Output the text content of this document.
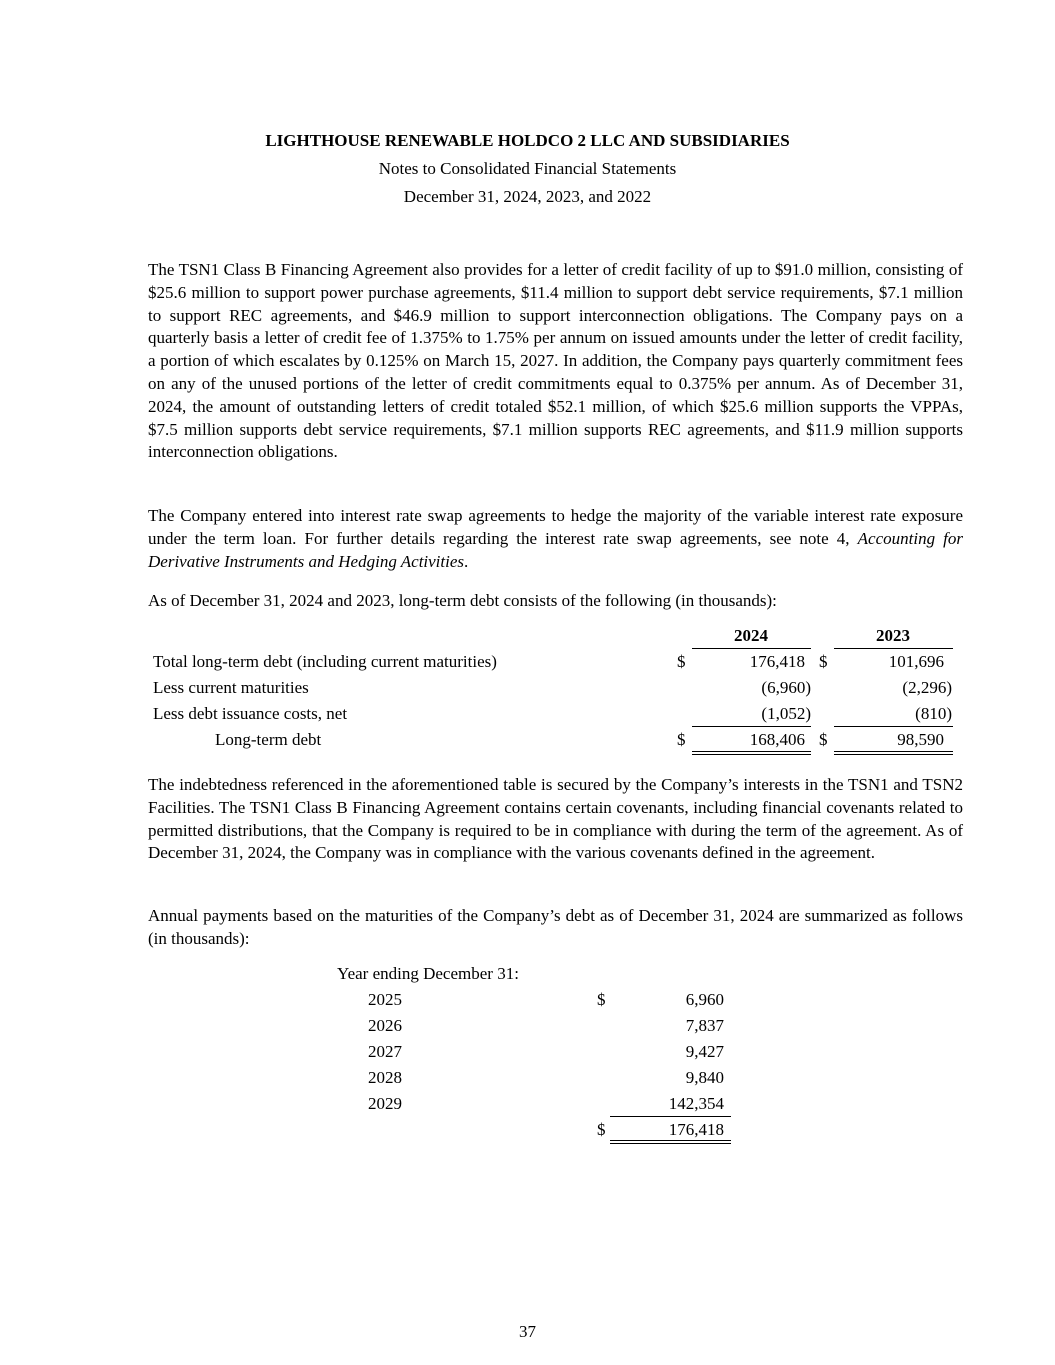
LIGHTHOUSE RENEWABLE HOLDCO 2 LLC AND SUBSIDIARIES

Notes to Consolidated Financial Statements

December 31, 2024, 2023, and 2022

The TSN1 Class B Financing Agreement also provides for a letter of credit facility of up to $91.0 million, consisting of $25.6 million to support power purchase agreements, $11.4 million to support debt service requirements, $7.1 million to support REC agreements, and $46.9 million to support interconnection obligations. The Company pays on a quarterly basis a letter of credit fee of 1.375% to 1.75% per annum on issued amounts under the letter of credit facility, a portion of which escalates by 0.125% on March 15, 2027. In addition, the Company pays quarterly commitment fees on any of the unused portions of the letter of credit commitments equal to 0.375% per annum. As of December 31, 2024, the amount of outstanding letters of credit totaled $52.1 million, of which $25.6 million supports the VPPAs, $7.5 million supports debt service requirements, $7.1 million supports REC agreements, and $11.9 million supports interconnection obligations.

The Company entered into interest rate swap agreements to hedge the majority of the variable interest rate exposure under the term loan. For further details regarding the interest rate swap agreements, see note 4, Accounting for Derivative Instruments and Hedging Activities.

As of December 31, 2024 and 2023, long-term debt consists of the following (in thousands):

2024	2023
Total long-term debt (including current maturities)	$	176,418 $	101,696
Less current maturities	(6,960)	(2,296)
Less debt issuance costs, net	(1,052)	(810)
Long-term debt	$	168,406 $	98,590

The indebtedness referenced in the aforementioned table is secured by the Company’s interests in the TSN1 and TSN2 Facilities. The TSN1 Class B Financing Agreement contains certain covenants, including financial covenants related to permitted distributions, that the Company is required to be in compliance with during the term of the agreement. As of December 31, 2024, the Company was in compliance with the various covenants defined in the agreement.

Annual payments based on the maturities of the Company’s debt as of December 31, 2024 are summarized as follows (in thousands):

Year ending December 31:
2025	$	6,960
2026	7,837
2027	9,427
2028	9,840
2029	142,354
$	176,418

37
